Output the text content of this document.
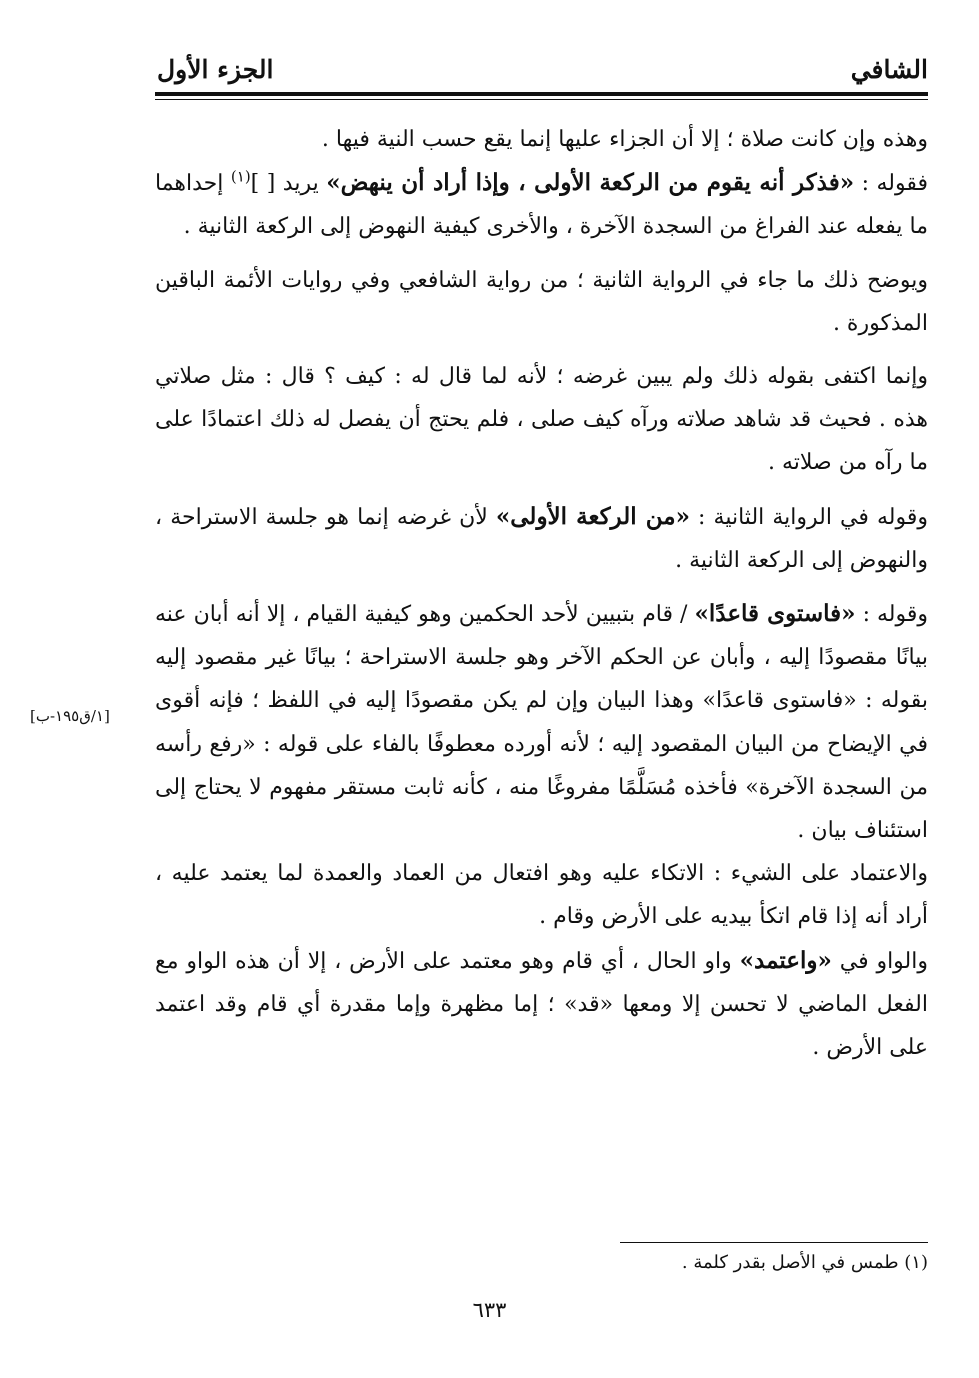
الشافي
الجزء الأول

وهذه وإن كانت صلاة ؛ إلا أن الجزاء عليها إنما يقع حسب النية فيها .

فقوله : «فذكر أنه يقوم من الركعة الأولى ، وإذا أراد أن ينهض» يريد [ ]$^{(١)}$ إحداهما ما يفعله عند الفراغ من السجدة الآخرة ، والأخرى كيفية النهوض إلى الركعة الثانية .

ويوضح ذلك ما جاء في الرواية الثانية ؛ من رواية الشافعي وفي روايات الأئمة الباقين المذكورة .

وإنما اكتفى بقوله ذلك ولم يبين غرضه ؛ لأنه لما قال له : كيف ؟ قال : مثل صلاتي هذه . فحيث قد شاهد صلاته ورآه كيف صلى ، فلم يحتج أن يفصل له ذلك اعتمادًا على ما رآه من صلاته .

وقوله في الرواية الثانية : «من الركعة الأولى» لأن غرضه إنما هو جلسة الاستراحة ، والنهوض إلى الركعة الثانية .

وقوله : «فاستوى قاعدًا» / قام بتبيين لأحد الحكمين وهو كيفية القيام ، إلا أنه أبان عنه بيانًا مقصودًا إليه ، وأبان عن الحكم الآخر وهو جلسة الاستراحة ؛ بيانًا غير مقصود إليه بقوله : «فاستوى قاعدًا» وهذا البيان وإن لم يكن مقصودًا إليه في اللفظ ؛ فإنه أقوى في الإيضاح من البيان المقصود إليه ؛ لأنه أورده معطوفًا بالفاء على قوله : «رفع رأسه من السجدة الآخرة» فأخذه مُسَلَّمًا مفروغًا منه ، كأنه ثابت مستقر مفهوم لا يحتاج إلى استئناف بيان .

والاعتماد على الشيء : الاتكاء عليه وهو افتعال من العماد والعمدة لما يعتمد عليه ، أراد أنه إذا قام اتكأ بيديه على الأرض وقام .

والواو في «واعتمد» واو الحال ، أي قام وهو معتمد على الأرض ، إلا أن هذه الواو مع الفعل الماضي لا تحسن إلا ومعها «قد» ؛ إما مظهرة وإما مقدرة أي قام وقد اعتمد على الأرض .

[١/ق١٩٥-ب]
(١) طمس في الأصل بقدر كلمة .
٦٣٣
